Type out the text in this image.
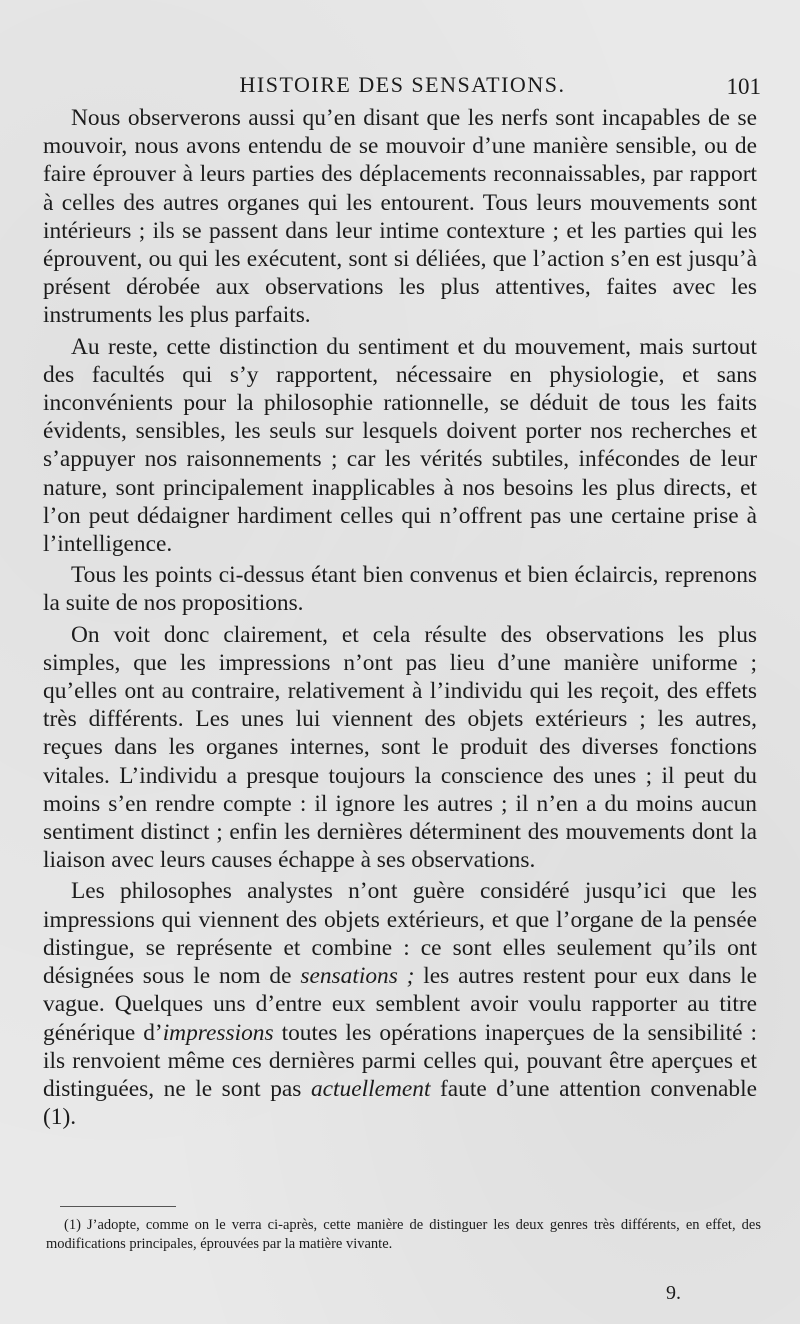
HISTOIRE DES SENSATIONS.	101

Nous observerons aussi qu’en disant que les nerfs sont incapables de se mouvoir, nous avons entendu de se mouvoir d’une manière sensible, ou de faire éprouver à leurs parties des déplacements reconnaissables, par rapport à celles des autres organes qui les entourent. Tous leurs mouvements sont intérieurs ; ils se passent dans leur intime contexture ; et les parties qui les éprouvent, ou qui les exécutent, sont si déliées, que l’action s’en est jusqu’à présent dérobée aux observations les plus attentives, faites avec les instruments les plus parfaits.

Au reste, cette distinction du sentiment et du mouvement, mais surtout des facultés qui s’y rapportent, nécessaire en physiologie, et sans inconvénients pour la philosophie rationnelle, se déduit de tous les faits évidents, sensibles, les seuls sur lesquels doivent porter nos recherches et s’appuyer nos raisonnements ; car les vérités subtiles, infécondes de leur nature, sont principalement inapplicables à nos besoins les plus directs, et l’on peut dédaigner hardiment celles qui n’offrent pas une certaine prise à l’intelligence.

Tous les points ci-dessus étant bien convenus et bien éclaircis, reprenons la suite de nos propositions.

On voit donc clairement, et cela résulte des observations les plus simples, que les impressions n’ont pas lieu d’une manière uniforme ; qu’elles ont au contraire, relativement à l’individu qui les reçoit, des effets très différents. Les unes lui viennent des objets extérieurs ; les autres, reçues dans les organes internes, sont le produit des diverses fonctions vitales. L’individu a presque toujours la conscience des unes ; il peut du moins s’en rendre compte : il ignore les autres ; il n’en a du moins aucun sentiment distinct ; enfin les dernières déterminent des mouvements dont la liaison avec leurs causes échappe à ses observations.

Les philosophes analystes n’ont guère considéré jusqu’ici que les impressions qui viennent des objets extérieurs, et que l’organe de la pensée distingue, se représente et combine : ce sont elles seulement qu’ils ont désignées sous le nom de sensations ; les autres restent pour eux dans le vague. Quelques uns d’entre eux semblent avoir voulu rapporter au titre générique d’impressions toutes les opérations inaperçues de la sensibilité : ils renvoient même ces dernières parmi celles qui, pouvant être aperçues et distinguées, ne le sont pas actuellement faute d’une attention convenable (1).

(1) J’adopte, comme on le verra ci-après, cette manière de distinguer les deux genres très différents, en effet, des modifications principales, éprouvées par la matière vivante.

9.
